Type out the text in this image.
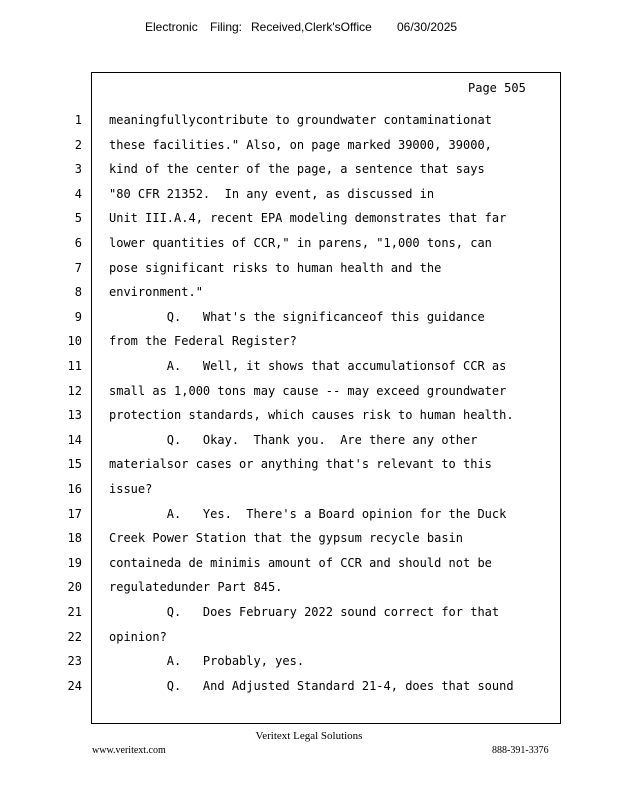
Electronic Filing: Received,Clerk'sOffice 06/30/2025
Page 505
1 meaningfullycontribute to groundwater contaminationat
2 these facilities." Also, on page marked 39000, 39000,
3 kind of the center of the page, a sentence that says
4 "80 CFR 21352.  In any event, as discussed in
5 Unit III.A.4, recent EPA modeling demonstrates that far
6 lower quantities of CCR," in parens, "1,000 tons, can
7 pose significant risks to human health and the
8 environment."
9 Q.   What's the significanceof this guidance
10 from the Federal Register?
11 A.   Well, it shows that accumulationsof CCR as
12 small as 1,000 tons may cause -- may exceed groundwater
13 protection standards, which causes risk to human health.
14 Q.   Okay.  Thank you.  Are there any other
15 materialsor cases or anything that's relevant to this
16 issue?
17 A.   Yes.  There's a Board opinion for the Duck
18 Creek Power Station that the gypsum recycle basin
19 containeda de minimis amount of CCR and should not be
20 regulatedunder Part 845.
21 Q.   Does February 2022 sound correct for that
22 opinion?
23 A.   Probably, yes.
24 Q.   And Adjusted Standard 21-4, does that sound
Veritext Legal Solutions
www.veritext.com	888-391-3376
